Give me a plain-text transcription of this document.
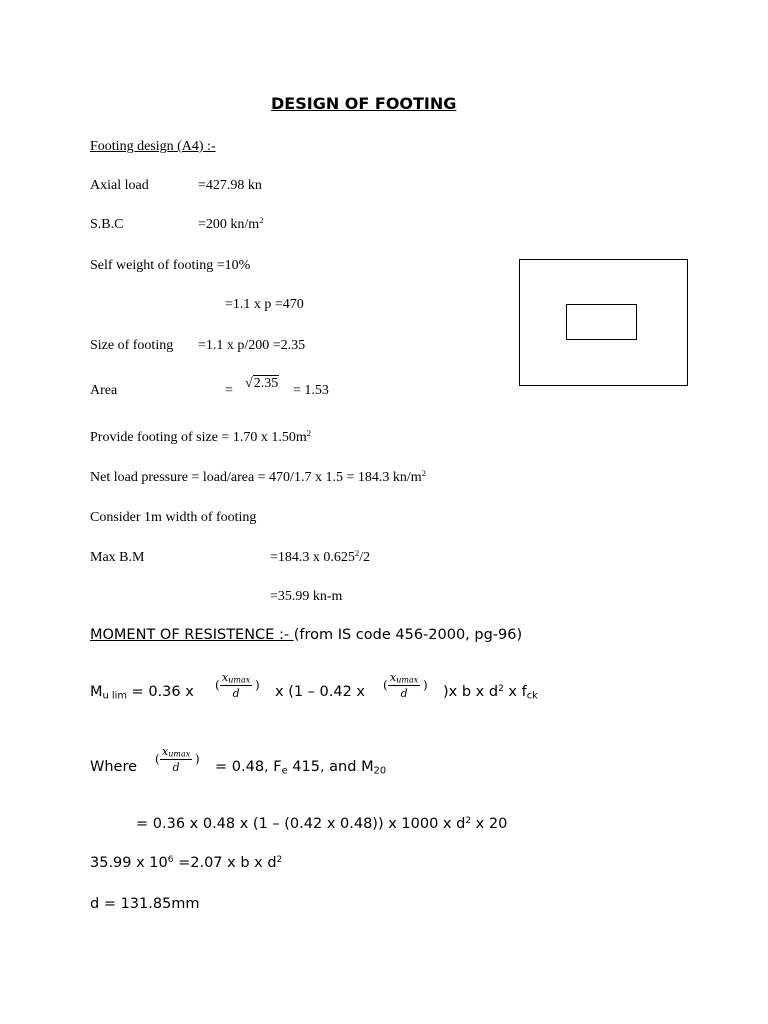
DESIGN OF FOOTING
Footing design (A4) :-
Axial load	=427.98 kn
S.B.C	=200 $kn/m^2$
Self weight of footing =10%
=1.1 x p =470
Size of footing =1.1 x p/200 =2.35
Area	= √2.35 = 1.53
Provide footing of size = 1.70 x $1.50m^2$
Net load pressure = load/area = 470/1.7 x 1.5 = 184.3 $kn/m^2$
Consider 1m width of footing
Max B.M	=184.3 x $0.625^2/2$
=35.99 kn-m
MOMENT OF RESISTENCE :- (from IS code 456-2000, pg-96)
$M_{u lim} = 0.36$ x (
$x_{umax}$
d
) x (1 – 0.42 x (
$x_{umax}$
d
) )x b x $d^2$ x $f_{ck}$
Where (
$x_{umax}$
d
) = 0.48, $F_e$ 415, and $M_{20}$
= 0.36 x 0.48 x (1 – (0.42 x 0.48)) x 1000 x $d^2$ x 20
35.99 x $10^6 =2.07$ x b x $d^2$
d = 131.85mm
